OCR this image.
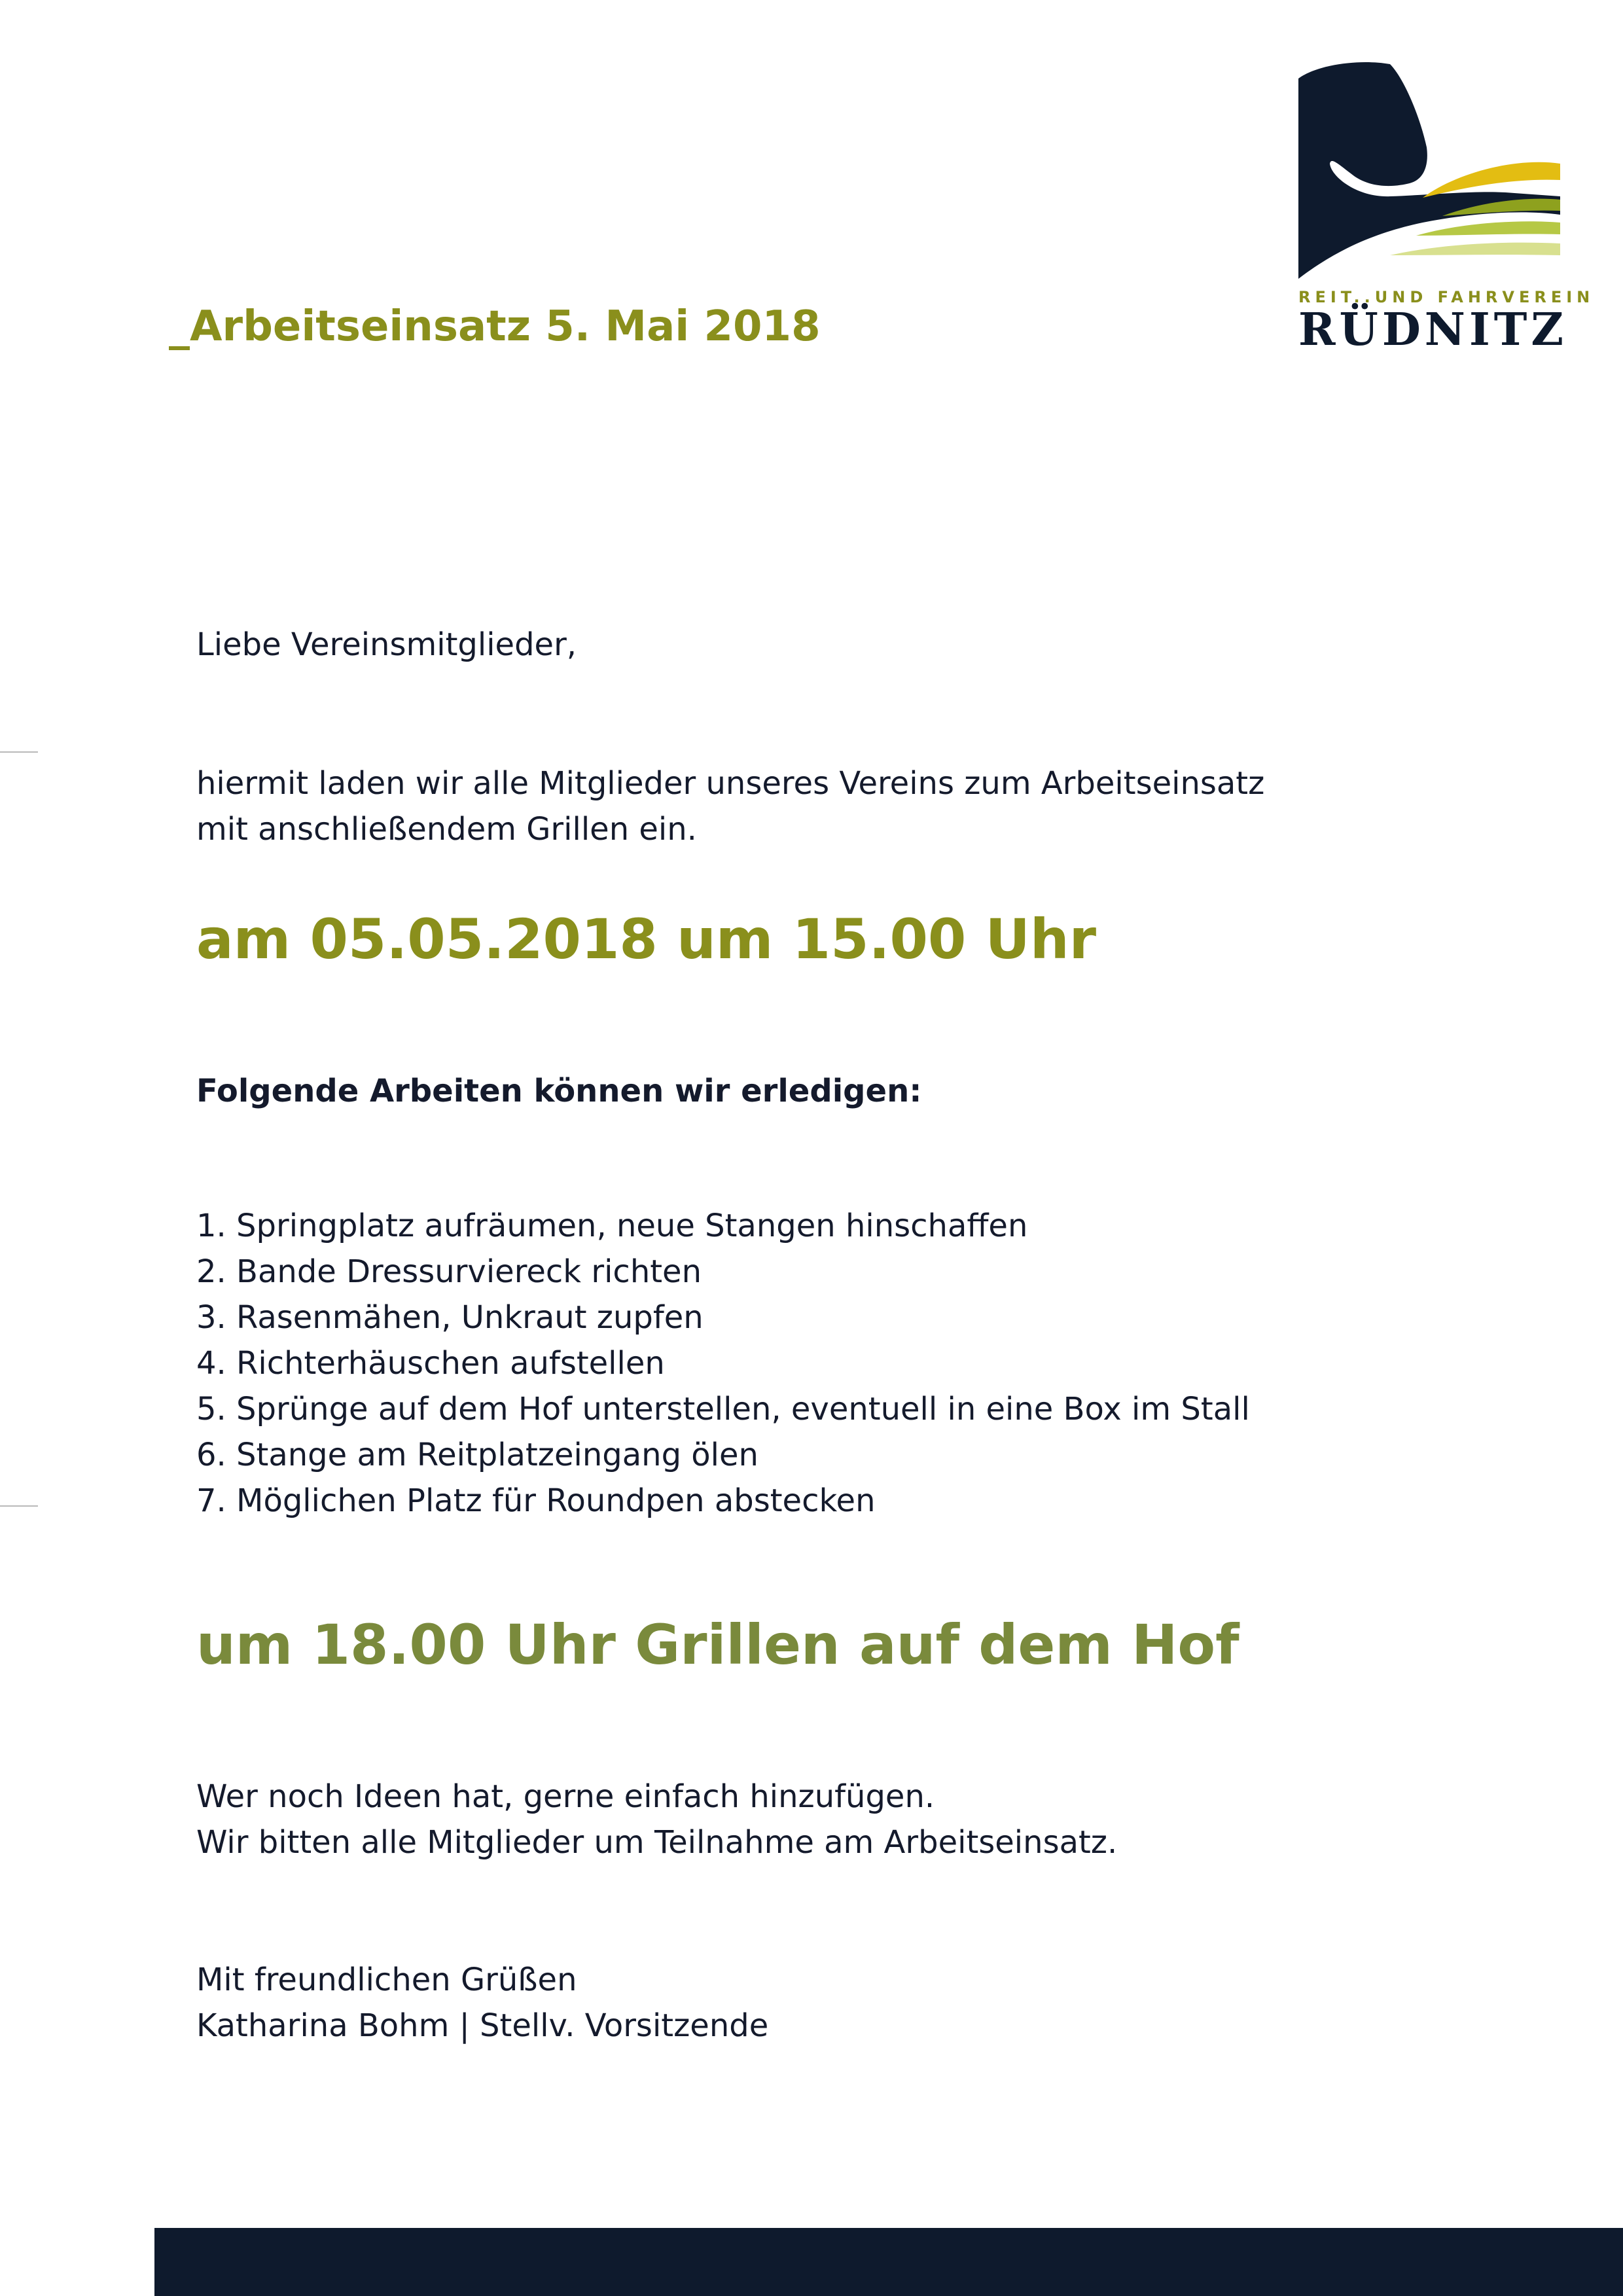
_Arbeitseinsatz 5. Mai 2018
REIT..UND FAHRVEREIN
RÜDNITZ
Liebe Vereinsmitglieder,
hiermit laden wir alle Mitglieder unseres Vereins zum Arbeitseinsatz
mit anschließendem Grillen ein.
am 05.05.2018 um 15.00 Uhr
Folgende Arbeiten können wir erledigen:
1. Springplatz aufräumen, neue Stangen hinschaffen
2. Bande Dressurviereck richten
3. Rasenmähen, Unkraut zupfen
4. Richterhäuschen aufstellen
5. Sprünge auf dem Hof unterstellen, eventuell in eine Box im Stall
6. Stange am Reitplatzeingang ölen
7. Möglichen Platz für Roundpen abstecken
um 18.00 Uhr Grillen auf dem Hof
Wer noch Ideen hat, gerne einfach hinzufügen.
Wir bitten alle Mitglieder um Teilnahme am Arbeitseinsatz.
Mit freundlichen Grüßen
Katharina Bohm | Stellv. Vorsitzende
